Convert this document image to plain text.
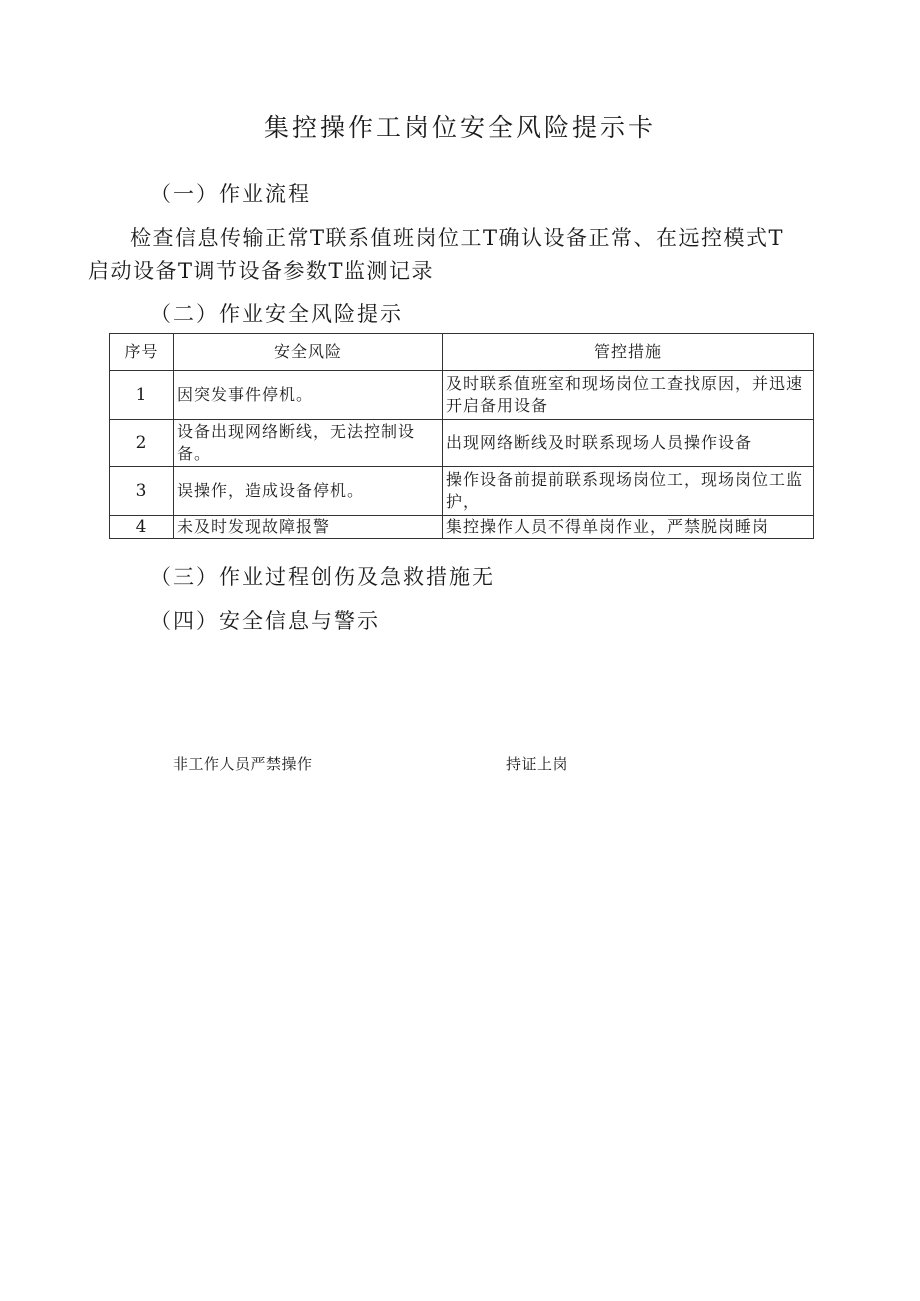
集控操作工岗位安全风险提示卡
（一）作业流程

检查信息传输正常T联系值班岗位工T确认设备正常、在远控模式T
启动设备T调节设备参数T监测记录

（二）作业安全风险提示
序号	安全风险	管控措施
1	因突发事件停机。	及时联系值班室和现场岗位工查找原因，并迅速开启备用设备
2	设备出现网络断线，无法控制设备。	出现网络断线及时联系现场人员操作设备
3	误操作，造成设备停机。	操作设备前提前联系现场岗位工，现场岗位工监护，
4	未及时发现故障报警	集控操作人员不得单岗作业，严禁脱岗睡岗
（三）作业过程创伤及急救措施无
（四）安全信息与警示

非工作人员严禁操作	持证上岗
